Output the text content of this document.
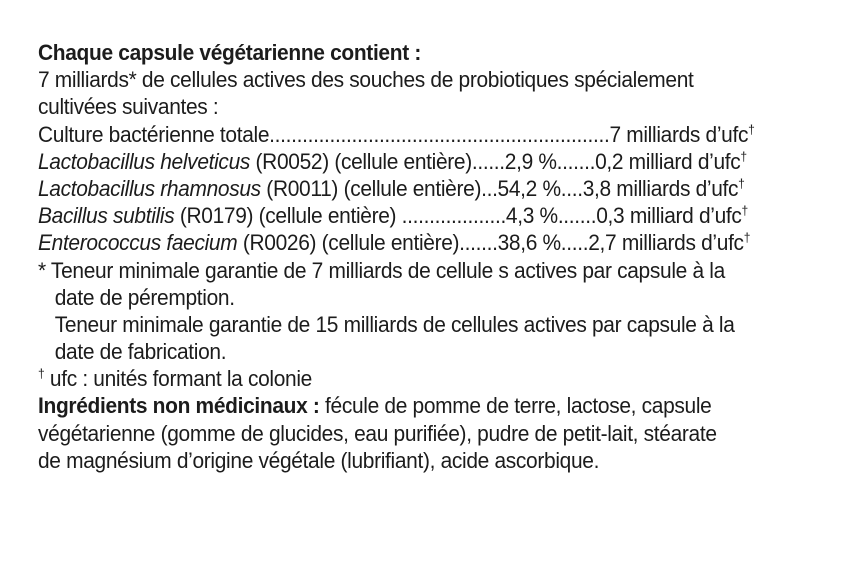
Chaque capsule végétarienne contient :
7 milliards* de cellules actives des souches de probiotiques spécialement
cultivées suivantes :
Culture bactérienne totale..............................................................7 milliards d’ufc†
Lactobacillus helveticus (R0052) (cellule entière)......2,9 %.......0,2 milliard d’ufc†
Lactobacillus rhamnosus (R0011) (cellule entière)...54,2 %....3,8 milliards d’ufc†
Bacillus subtilis (R0179) (cellule entière) ...................4,3 %.......0,3 milliard d’ufc†
Enterococcus faecium (R0026) (cellule entière).......38,6 %.....2,7 milliards d’ufc†
* Teneur minimale garantie de 7 milliards de cellule s actives par capsule à la
date de péremption.
Teneur minimale garantie de 15 milliards de cellules actives par capsule à la
date de fabrication.
† ufc : unités formant la colonie
Ingrédients non médicinaux : fécule de pomme de terre, lactose, capsule
végétarienne (gomme de glucides, eau purifiée), pudre de petit-lait, stéarate
de magnésium d’origine végétale (lubrifiant), acide ascorbique.
